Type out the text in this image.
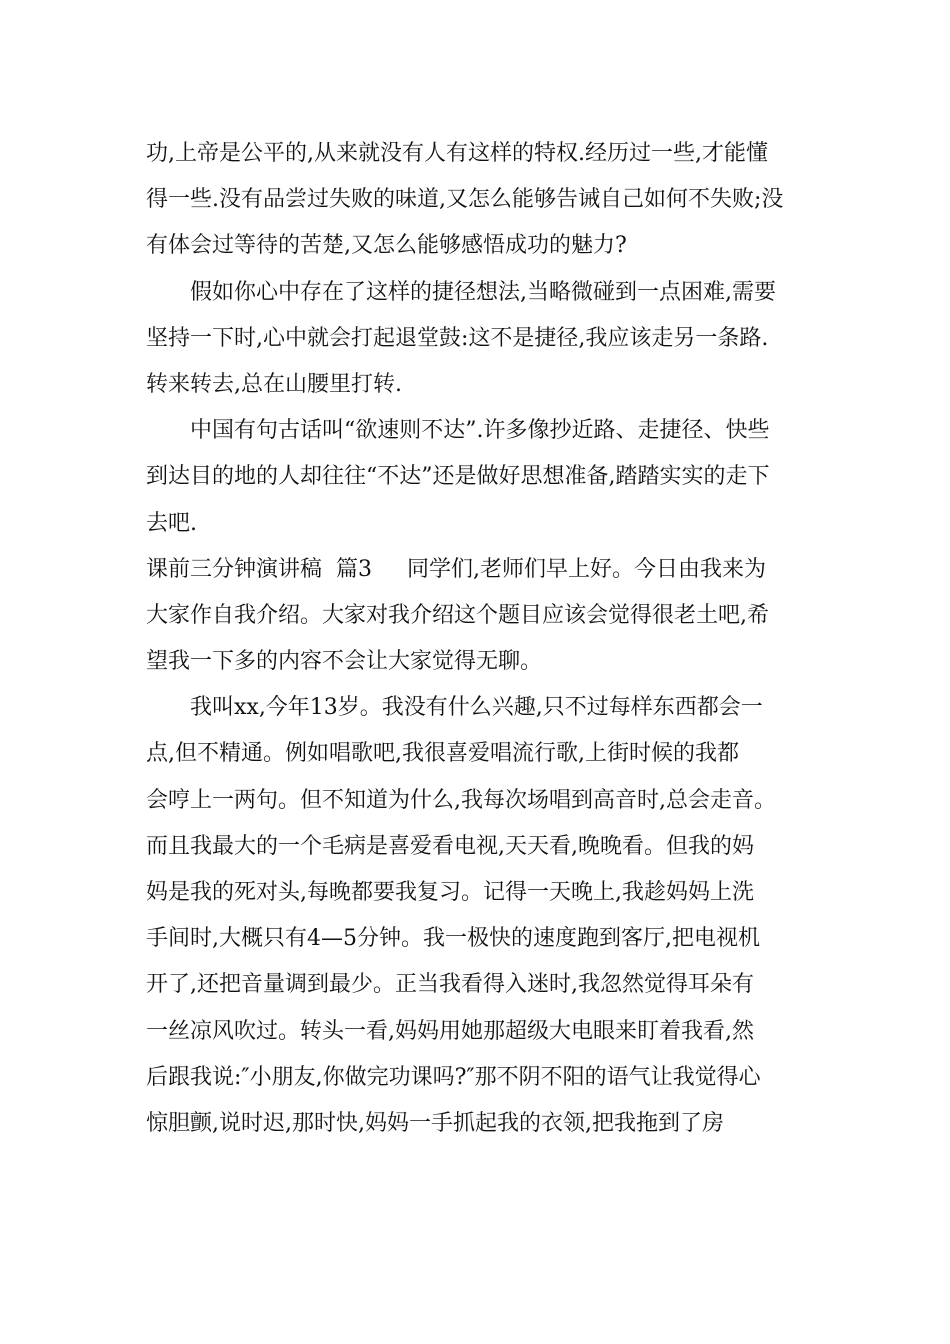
功,上帝是公平的,从来就没有人有这样的特权.经历过一些,才能懂
得一些.没有品尝过失败的味道,又怎么能够告诫自己如何不失败;没
有体会过等待的苦楚,又怎么能够感悟成功的魅力?
假如你心中存在了这样的捷径想法,当略微碰到一点困难,需要
坚持一下时,心中就会打起退堂鼓:这不是捷径,我应该走另一条路.
转来转去,总在山腰里打转.
中国有句古话叫“欲速则不达”.许多像抄近路、走捷径、快些
到达目的地的人却往往“不达”还是做好思想准备,踏踏实实的走下
去吧.
课前三分钟演讲稿  篇3     同学们,老师们早上好。今日由我来为
大家作自我介绍。大家对我介绍这个题目应该会觉得很老土吧,希
望我一下多的内容不会让大家觉得无聊。
我叫xx,今年13岁。我没有什么兴趣,只不过每样东西都会一
点,但不精通。例如唱歌吧,我很喜爱唱流行歌,上街时候的我都
会哼上一两句。但不知道为什么,我每次场唱到高音时,总会走音。
而且我最大的一个毛病是喜爱看电视,天天看,晚晚看。但我的妈
妈是我的死对头,每晚都要我复习。记得一天晚上,我趁妈妈上洗
手间时,大概只有4—5分钟。我一极快的速度跑到客厅,把电视机
开了,还把音量调到最少。正当我看得入迷时,我忽然觉得耳朵有
一丝凉风吹过。转头一看,妈妈用她那超级大电眼来盯着我看,然
后跟我说:″小朋友,你做完功课吗?″那不阴不阳的语气让我觉得心
惊胆颤,说时迟,那时快,妈妈一手抓起我的衣领,把我拖到了房
